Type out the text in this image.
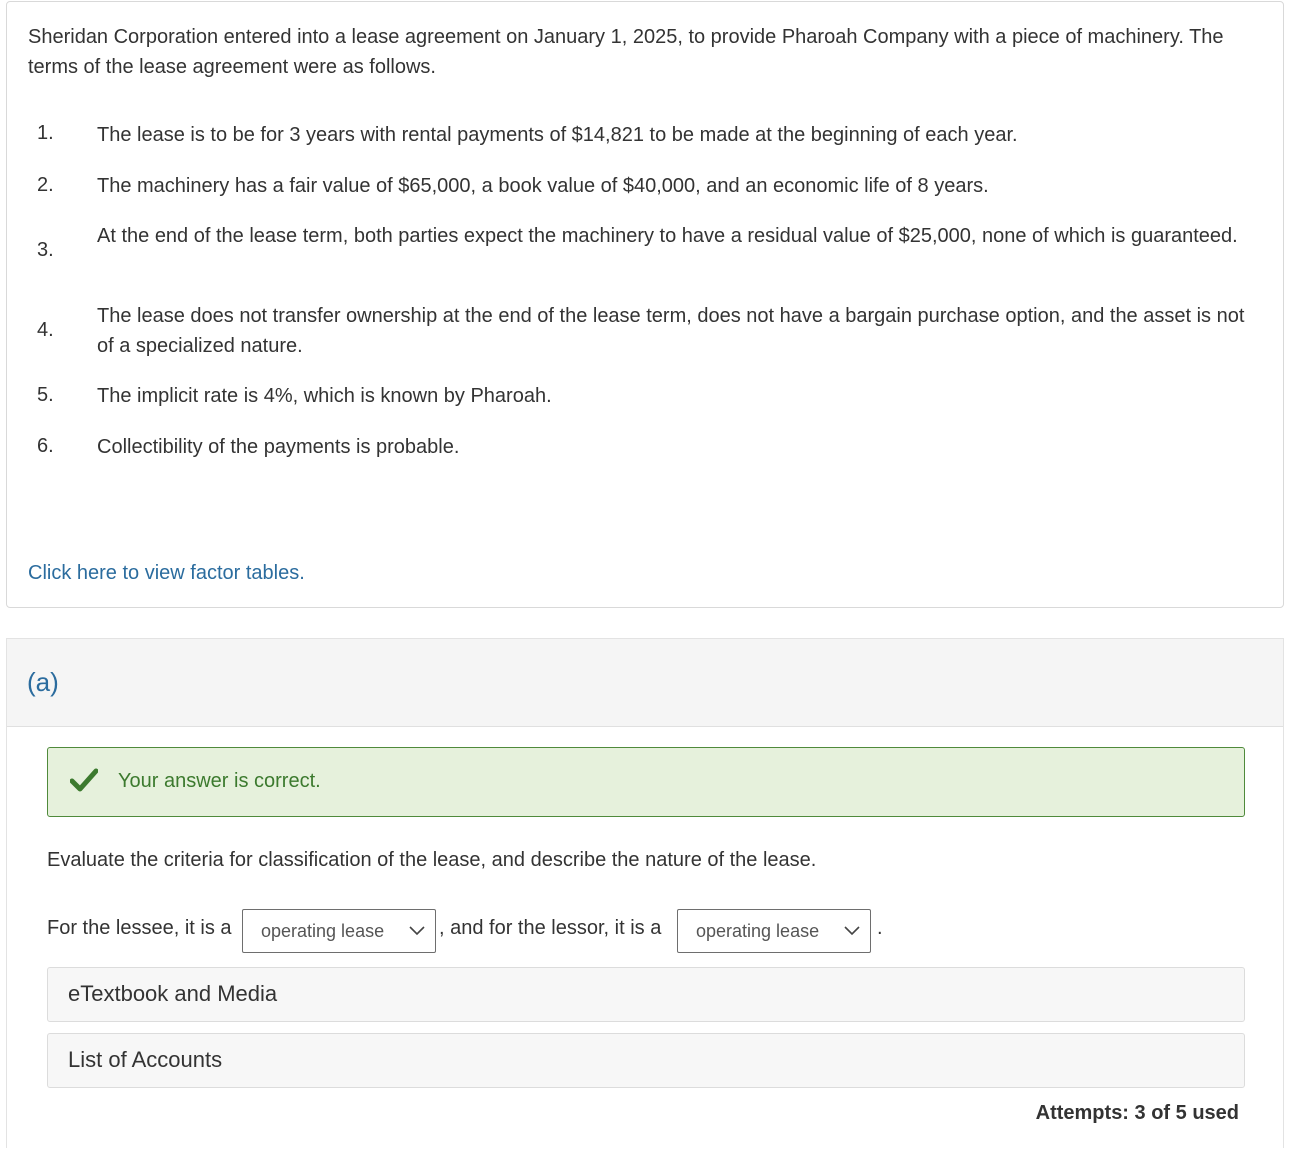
Sheridan Corporation entered into a lease agreement on January 1, 2025, to provide Pharoah Company with a piece of machinery. The terms of the lease agreement were as follows.
1.	The lease is to be for 3 years with rental payments of $14,821 to be made at the beginning of each year.
2.	The machinery has a fair value of $65,000, a book value of $40,000, and an economic life of 8 years.
3.
At the end of the lease term, both parties expect the machinery to have a residual value of $25,000, none of which is guaranteed.
4.
The lease does not transfer ownership at the end of the lease term, does not have a bargain purchase option, and the asset is not of a specialized nature.
5.	The implicit rate is 4%, which is known by Pharoah.
6.	Collectibility of the payments is probable.
Click here to view factor tables.
(a)
Your answer is correct.
Evaluate the criteria for classification of the lease, and describe the nature of the lease.
For the lessee, it is a operating lease	, and for the lessor, it is a operating lease	.
eTextbook and Media
List of Accounts
Attempts: 3 of 5 used
